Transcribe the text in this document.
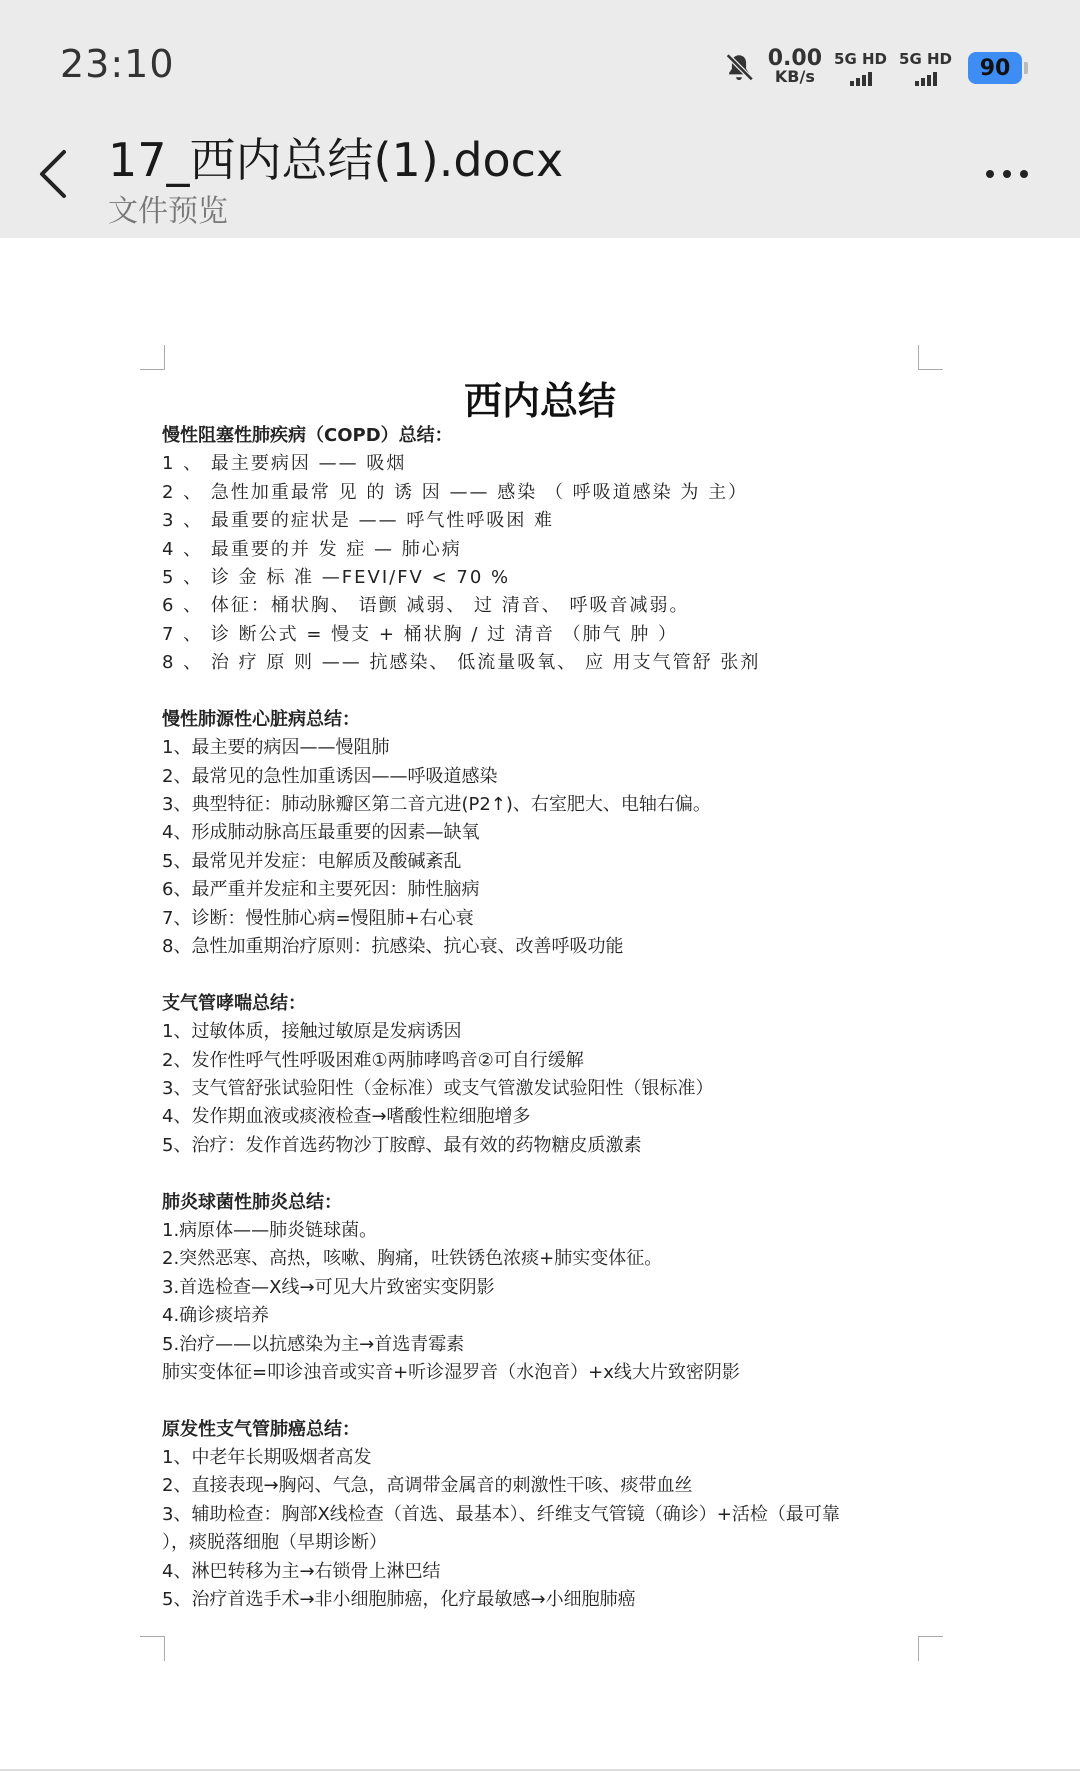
23:10	0.00
KB/s
5G HD 5G HD	90
17_西内总结(1).docx
文件预览
西内总结
慢性阻塞性肺疾病（COPD）总结：
1 、 最主要病因 —— 吸烟
2 、 急性加重最常 见 的 诱 因 —— 感染 （ 呼吸道感染 为 主）
3 、 最重要的症状是 —— 呼气性呼吸困 难
4 、 最重要的并 发 症 — 肺心病
5 、 诊 金 标 准 —FEVI/FV < 70 %
6 、 体征：桶状胸、 语颤 减弱、 过 清音、 呼吸音减弱。
7 、 诊 断公式 = 慢支 + 桶状胸 / 过 清音 （肺气 肿 ）
8 、 治 疗 原 则 —— 抗感染、 低流量吸氧、 应 用支气管舒 张剂
慢性肺源性心脏病总结：
1、最主要的病因——慢阻肺
2、最常见的急性加重诱因——呼吸道感染
3、典型特征：肺动脉瓣区第二音亢进(P2↑)、右室肥大、电轴右偏。
4、形成肺动脉高压最重要的因素—缺氧
5、最常见并发症：电解质及酸碱紊乱
6、最严重并发症和主要死因：肺性脑病
7、诊断：慢性肺心病=慢阻肺+右心衰
8、急性加重期治疗原则：抗感染、抗心衰、改善呼吸功能
支气管哮喘总结：
1、过敏体质，接触过敏原是发病诱因
2、发作性呼气性呼吸困难①两肺哮鸣音②可自行缓解
3、支气管舒张试验阳性（金标准）或支气管激发试验阳性（银标准）
4、发作期血液或痰液检查→嗜酸性粒细胞增多
5、治疗：发作首选药物沙丁胺醇、最有效的药物糖皮质激素
肺炎球菌性肺炎总结：
1.病原体——肺炎链球菌。
2.突然恶寒、高热，咳嗽、胸痛，吐铁锈色浓痰+肺实变体征。
3.首选检查—X线→可见大片致密实变阴影
4.确诊痰培养
5.治疗——以抗感染为主→首选青霉素
肺实变体征=叩诊浊音或实音+听诊湿罗音（水泡音）+x线大片致密阴影
原发性支气管肺癌总结：
1、中老年长期吸烟者高发
2、直接表现→胸闷、气急，高调带金属音的刺激性干咳、痰带血丝
3、辅助检查：胸部X线检查（首选、最基本）、纤维支气管镜（确诊）+活检（最可靠
），痰脱落细胞（早期诊断）
4、淋巴转移为主→右锁骨上淋巴结
5、治疗首选手术→非小细胞肺癌，化疗最敏感→小细胞肺癌
